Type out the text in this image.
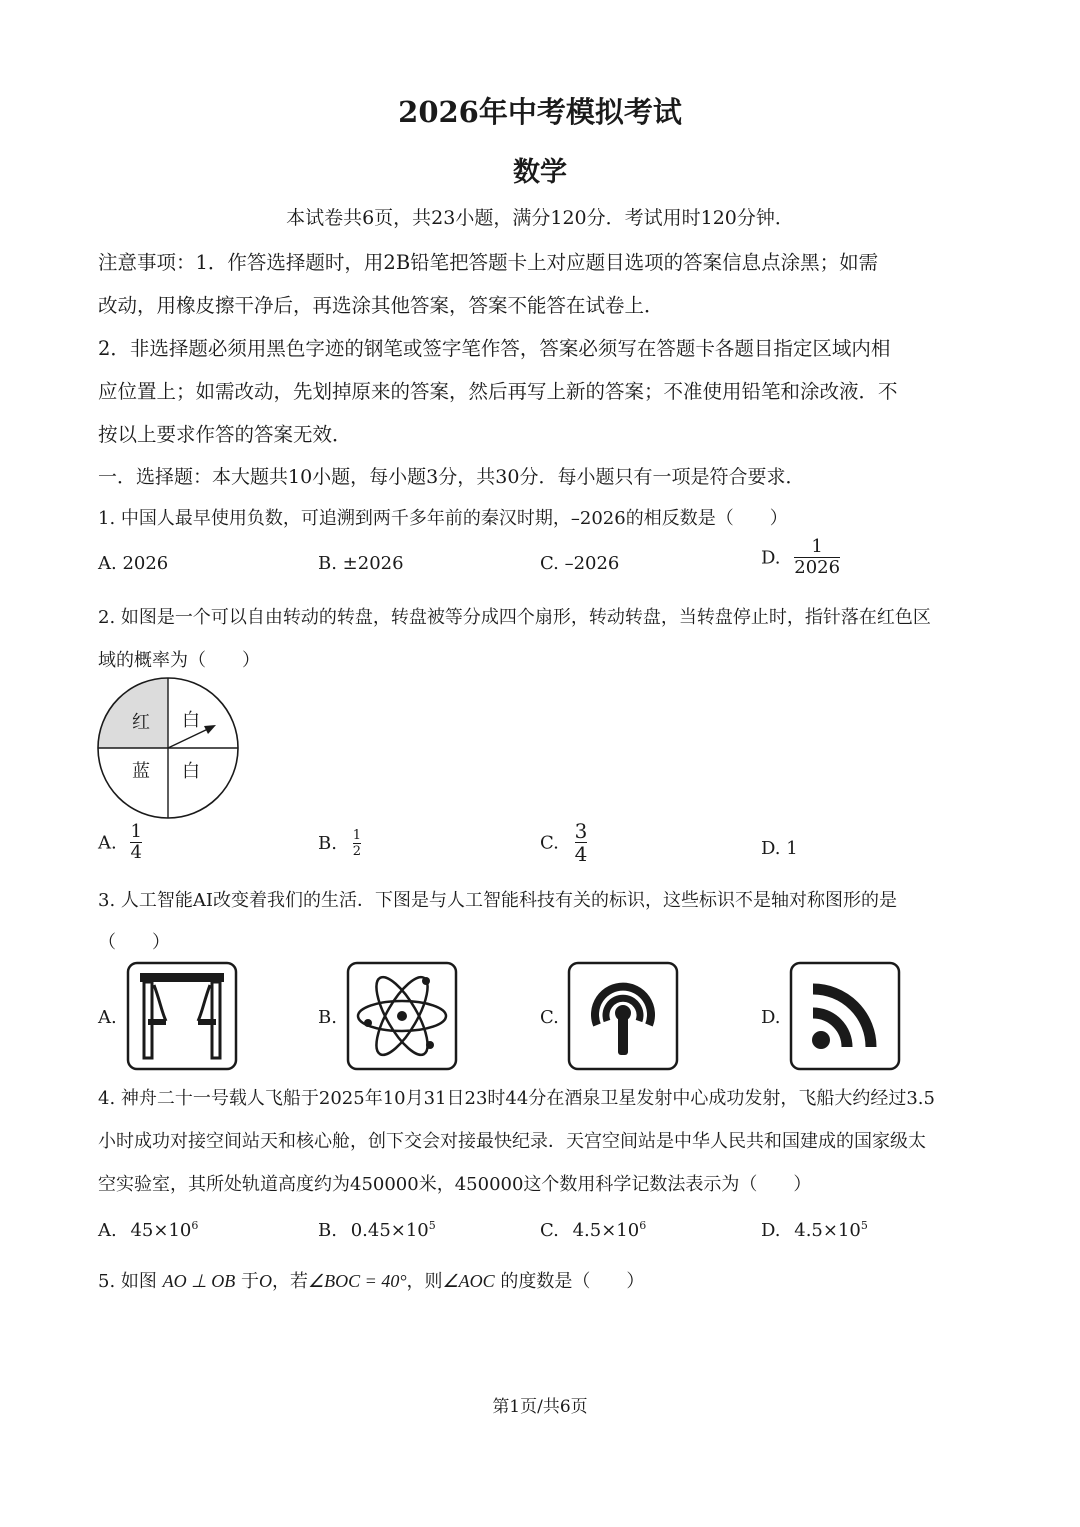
2026年中考模拟考试
数学
本试卷共6页，共23小题，满分120分．考试用时120分钟．
注意事项：1．作答选择题时，用2B铅笔把答题卡上对应题目选项的答案信息点涂黑；如需
改动，用橡皮擦干净后，再选涂其他答案，答案不能答在试卷上．
2．非选择题必须用黑色字迹的钢笔或签字笔作答，答案必须写在答题卡各题目指定区域内相
应位置上；如需改动，先划掉原来的答案，然后再写上新的答案；不准使用铅笔和涂改液．不
按以上要求作答的答案无效．
一．选择题：本大题共10小题，每小题3分，共30分．每小题只有一项是符合要求．
1. 中国人最早使用负数，可追溯到两千多年前的秦汉时期，–2026的相反数是（　　）
A. 2026	B. ±2026	C. –2026	D. $\frac{1}{2026}$
2. 如图是一个可以自由转动的转盘，转盘被等分成四个扇形，转动转盘，当转盘停止时，指针落在红色区
域的概率为（　　）
红 白
蓝 白
A. $\frac{1}{4}$	B. $\frac{1}{2}$	C. $\frac{3}{4}$	D. 1
3. 人工智能AI改变着我们的生活．下图是与人工智能科技有关的标识，这些标识不是轴对称图形的是
（　　）
A.	B.	C.	D.
4. 神舟二十一号载人飞船于2025年10月31日23时44分在酒泉卫星发射中心成功发射，飞船大约经过3.5
小时成功对接空间站天和核心舱，创下交会对接最快纪录．天宫空间站是中华人民共和国建成的国家级太
空实验室，其所处轨道高度约为450000米，450000这个数用科学记数法表示为（　　）
A. $45\times 10^6$	B. $0.45\times 10^5$	C. $4.5\times 10^6$	D. $4.5\times 10^5$
5. 如图 AO ⊥ OB 于O，若∠BOC = 40°，则∠AOC 的度数是（　　）
第1页/共6页
